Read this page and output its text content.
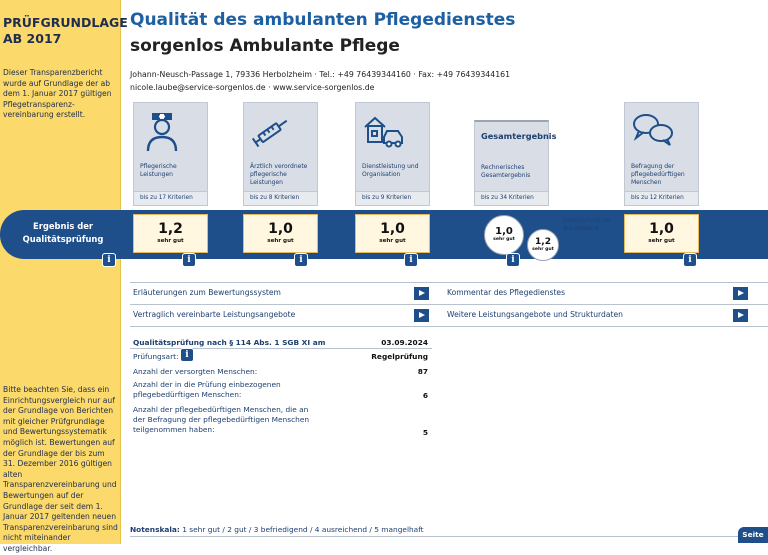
PRÜFGRUNDLAGE AB 2017
Dieser Transparenzbericht wurde auf Grundlage der ab dem 1. Januar 2017 gültigen Pflegetransparenz-vereinbarung erstellt.
Bitte beachten Sie, dass ein Einrichtungsvergleich nur auf der Grundlage von Berichten mit gleicher Prüfgrundlage und Bewertungssystematik möglich ist. Bewertungen auf der Grundlage der bis zum 31. Dezember 2016 gültigen alten Transparenzvereinbarung und Bewertungen auf der Grundlage der seit dem 1. Januar 2017 geltenden neuen Transparenzvereinbarung sind nicht miteinander vergleichbar.
Qualität des ambulanten Pflegedienstes
sorgenlos Ambulante Pflege
Johann-Neusch-Passage 1, 79336 Herbolzheim · Tel.: +49 76439344160 · Fax: +49 76439344161
nicole.laube@service-sorgenlos.de · www.service-sorgenlos.de
Pflegerische Leistungen
bis zu 17 Kriterien
Ärztlich verordnete pflegerische Leistungen
bis zu 8 Kriterien
Dienstleistung und Organisation
bis zu 9 Kriterien
Gesamtergebnis
Rechnerisches Gesamtergebnis
bis zu 34 Kriterien
Befragung der pflegebedürftigen Menschen
bis zu 12 Kriterien
Ergebnis der Qualitätsprüfung
1,2
sehr gut
1,0
sehr gut
1,0
sehr gut
1,0
sehr gut	1,2
sehr gut
Durchschnitt im Bundesland	1,0
sehr gut
i	i	i	i	i	i
Erläuterungen zum Bewertungssystem	Kommentar des Pflegedienstes
Vertraglich vereinbarte Leistungsangebote	Weitere Leistungsangebote und Strukturdaten
Qualitätsprüfung nach § 114 Abs. 1 SGB XI am	03.09.2024
Prüfungsart: i	Regelprüfung
Anzahl der versorgten Menschen:	87
Anzahl der in die Prüfung einbezogenen pflegebedürftigen Menschen:	6
Anzahl der pflegebedürftigen Menschen, die an der Befragung der pflegebedürftigen Menschen teilgenommen haben:	5
Notenskala: 1 sehr gut / 2 gut / 3 befriedigend / 4 ausreichend / 5 mangelhaft
Seite
